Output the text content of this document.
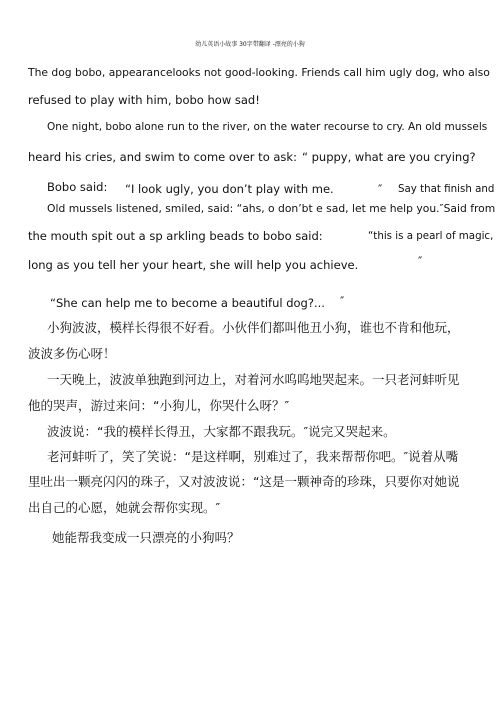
幼儿英语小故事 30字带翻译 -漂亮的小狗
The dog bobo, appearancelooks not good-looking. Friends call him ugly dog, who also
refused to play with him, bobo how sad!
One night, bobo alone run to the river, on the water recourse to cry. An old mussels
heard his cries, and swim to come over to ask: “ puppy, what are you crying?
Bobo said: “I look ugly, you don’t play with me.	″ Say that finish and
Old mussels listened, smiled, said: “ahs, o don’bt e sad, let me help you.″Said from
the mouth spit out a sp arkling beads to bobo said:	“this is a pearl of magic,
long as you tell her your heart, she will help you achieve.	″
“She can help me to become a beautiful dog?... ″
小狗波波，模样长得很不好看。小伙伴们都叫他丑小狗，谁也不肯和他玩，
波波多伤心呀！
一天晚上，波波单独跑到河边上，对着河水呜呜地哭起来。一只老河蚌听见
他的哭声，游过来问：“小狗儿，你哭什么呀？″
波波说：“我的模样长得丑，大家都不跟我玩。″说完又哭起来。
老河蚌听了，笑了笑说：“是这样啊，别难过了，我来帮帮你吧。″说着从嘴
里吐出一颗亮闪闪的珠子，又对波波说：“这是一颗神奇的珍珠，只要你对她说
出自己的心愿，她就会帮你实现。″
她能帮我变成一只漂亮的小狗吗？
